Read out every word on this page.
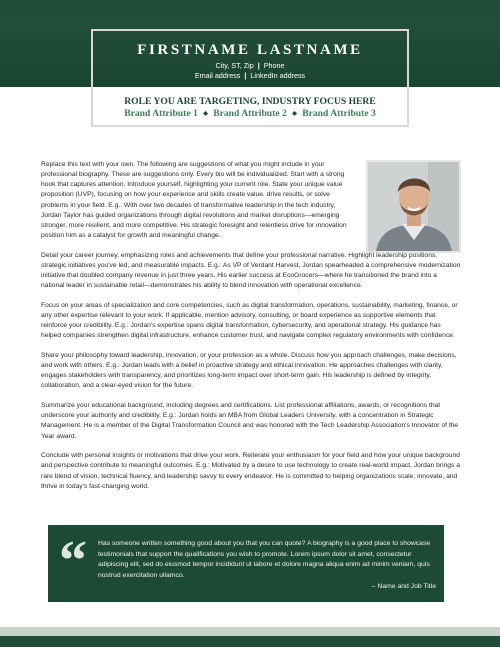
FIRSTNAME LASTNAME
City, ST, Zip | Phone
Email address | LinkedIn address
ROLE YOU ARE TARGETING, INDUSTRY FOCUS HERE
Brand Attribute 1 ◆ Brand Attribute 2 ◆ Brand Attribute 3

Replace this text with your own. The following are suggestions of what you might include in your professional biography. These are suggestions only. Every bio will be individualized. Start with a strong hook that captures attention. Introduce yourself, highlighting your current role. State your unique value proposition (UVP), focusing on how your experience and skills create value, drive results, or solve problems in your field. E.g.: With over two decades of transformative leadership in the tech industry, Jordan Taylor has guided organizations through digital revolutions and market disruptions—emerging stronger, more resilient, and more competitive. His strategic foresight and relentless drive for innovation position him as a catalyst for growth and meaningful change.

Detail your career journey, emphasizing roles and achievements that define your professional narrative. Highlight leadership positions, strategic initiatives you've led, and measurable impacts. E.g.: As VP of Verdant Harvest, Jordan spearheaded a comprehensive modernization initiative that doubled company revenue in just three years. His earlier success at EcoGrocers—where he transitioned the brand into a national leader in sustainable retail—demonstrates his ability to blend innovation with operational excellence.

Focus on your areas of specialization and core competencies, such as digital transformation, operations, sustainability, marketing, finance, or any other expertise relevant to your work. If applicable, mention advisory, consulting, or board experience as supportive elements that reinforce your credibility. E.g.: Jordan's expertise spans digital transformation, cybersecurity, and operational strategy. His guidance has helped companies strengthen digital infrastructure, enhance customer trust, and navigate complex regulatory environments with confidence.

Share your philosophy toward leadership, innovation, or your profession as a whole. Discuss how you approach challenges, make decisions, and work with others. E.g.: Jordan leads with a belief in proactive strategy and ethical innovation. He approaches challenges with clarity, engages stakeholders with transparency, and prioritizes long-term impact over short-term gain. His leadership is defined by integrity, collaboration, and a clear-eyed vision for the future.

Summarize your educational background, including degrees and certifications. List professional affiliations, awards, or recognitions that underscore your authority and credibility. E.g.: Jordan holds an MBA from Global Leaders University, with a concentration in Strategic Management. He is a member of the Digital Transformation Council and was honored with the Tech Leadership Association's Innovator of the Year award.

Conclude with personal insights or motivations that drive your work. Reiterate your enthusiasm for your field and how your unique background and perspective contribute to meaningful outcomes. E.g.: Motivated by a desire to use technology to create real-world impact, Jordan brings a rare blend of vision, technical fluency, and leadership savvy to every endeavor. He is committed to helping organizations scale, innovate, and thrive in today's fast-changing world.

“ Has someone written something good about you that you can quote? A biography is a good place to showcase testimonials that support the qualifications you wish to promote. Lorem ipsum dolor sit amet, consectetur adipiscing elit, sed do eiusmod tempor incididunt ut labore et dolore magna aliqua enim ad minim veniam, quis nostrud exercitation ullamco.
– Name and Job Title
